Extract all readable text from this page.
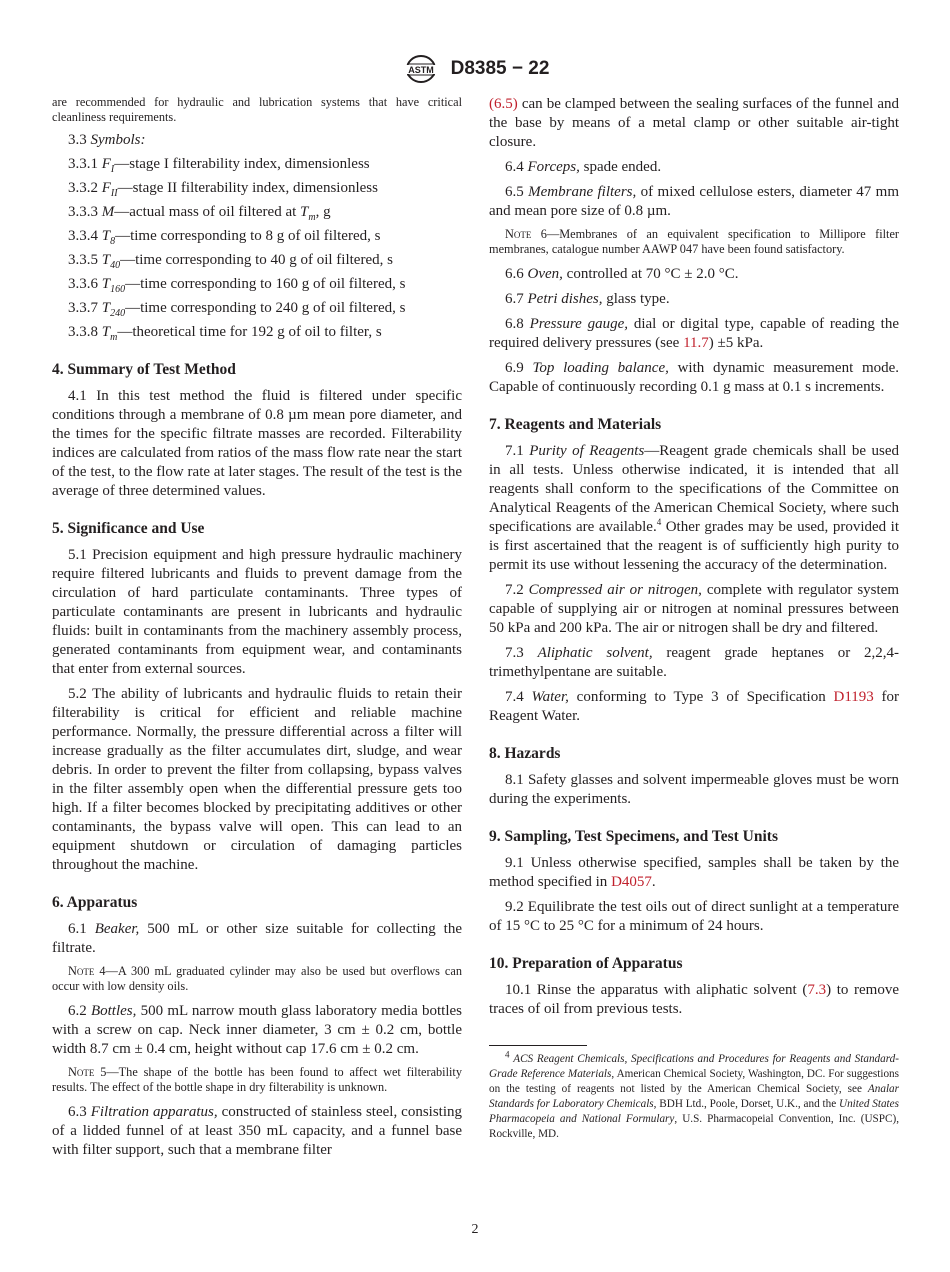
ASTM D8385 − 22

are recommended for hydraulic and lubrication systems that have critical cleanliness requirements.

3.3 Symbols:

3.3.1 $F_I—stage$ I filterability index, dimensionless

3.3.2 $F_{II}—stage$ II filterability index, dimensionless

3.3.3 M—actual mass of oil filtered at $T_m$, g

3.3.4 $T_8—time$ corresponding to 8 g of oil filtered, s

3.3.5 $T_{40}—time$ corresponding to 40 g of oil filtered, s

3.3.6 $T_{160}—time$ corresponding to 160 g of oil filtered, s

3.3.7 $T_{240}—time$ corresponding to 240 g of oil filtered, s

3.3.8 $T_m—theoretical$ time for 192 g of oil to filter, s

4. Summary of Test Method

4.1 In this test method the fluid is filtered under specific conditions through a membrane of 0.8 µm mean pore diameter, and the times for the specific filtrate masses are recorded. Filterability indices are calculated from ratios of the mass flow rate near the start of the test, to the flow rate at later stages. The result of the test is the average of three determined values.

5. Significance and Use

5.1 Precision equipment and high pressure hydraulic machinery require filtered lubricants and fluids to prevent damage from the circulation of hard particulate contaminants. Three types of particulate contaminants are present in lubricants and hydraulic fluids: built in contaminants from the machinery assembly process, generated contaminants from equipment wear, and contaminants that enter from external sources.

5.2 The ability of lubricants and hydraulic fluids to retain their filterability is critical for efficient and reliable machine performance. Normally, the pressure differential across a filter will increase gradually as the filter accumulates dirt, sludge, and wear debris. In order to prevent the filter from collapsing, bypass valves in the filter assembly open when the differential pressure gets too high. If a filter becomes blocked by precipitating additives or other contaminants, the bypass valve will open. This can lead to an equipment shutdown or circulation of damaging particles throughout the machine.

6. Apparatus

6.1 Beaker, 500 mL or other size suitable for collecting the filtrate.

Note 4—A 300 mL graduated cylinder may also be used but overflows can occur with low density oils.

6.2 Bottles, 500 mL narrow mouth glass laboratory media bottles with a screw on cap. Neck inner diameter, 3 cm ± 0.2 cm, bottle width 8.7 cm ± 0.4 cm, height without cap 17.6 cm ± 0.2 cm.

Note 5—The shape of the bottle has been found to affect wet filterability results. The effect of the bottle shape in dry filterability is unknown.

6.3 Filtration apparatus, constructed of stainless steel, consisting of a lidded funnel of at least 350 mL capacity, and a funnel base with filter support, such that a membrane filter

(6.5) can be clamped between the sealing surfaces of the funnel and the base by means of a metal clamp or other suitable air-tight closure.

6.4 Forceps, spade ended.

6.5 Membrane filters, of mixed cellulose esters, diameter 47 mm and mean pore size of 0.8 µm.

Note 6—Membranes of an equivalent specification to Millipore filter membranes, catalogue number AAWP 047 have been found satisfactory.

6.6 Oven, controlled at 70 °C ± 2.0 °C.

6.7 Petri dishes, glass type.

6.8 Pressure gauge, dial or digital type, capable of reading the required delivery pressures (see 11.7) ±5 kPa.

6.9 Top loading balance, with dynamic measurement mode. Capable of continuously recording 0.1 g mass at 0.1 s increments.

7. Reagents and Materials

7.1 Purity of Reagents—Reagent grade chemicals shall be used in all tests. Unless otherwise indicated, it is intended that all reagents shall conform to the specifications of the Committee on Analytical Reagents of the American Chemical Society, where such specifications are available.$^4$ Other grades may be used, provided it is first ascertained that the reagent is of sufficiently high purity to permit its use without lessening the accuracy of the determination.

7.2 Compressed air or nitrogen, complete with regulator system capable of supplying air or nitrogen at nominal pressures between 50 kPa and 200 kPa. The air or nitrogen shall be dry and filtered.

7.3 Aliphatic solvent, reagent grade heptanes or 2,2,4-trimethylpentane are suitable.

7.4 Water, conforming to Type 3 of Specification D1193 for Reagent Water.

8. Hazards

8.1 Safety glasses and solvent impermeable gloves must be worn during the experiments.

9. Sampling, Test Specimens, and Test Units

9.1 Unless otherwise specified, samples shall be taken by the method specified in D4057.

9.2 Equilibrate the test oils out of direct sunlight at a temperature of 15 °C to 25 °C for a minimum of 24 hours.

10. Preparation of Apparatus

10.1 Rinse the apparatus with aliphatic solvent (7.3) to remove traces of oil from previous tests.

$^4$ ACS Reagent Chemicals, Specifications and Procedures for Reagents and Standard-Grade Reference Materials, American Chemical Society, Washington, DC. For suggestions on the testing of reagents not listed by the American Chemical Society, see Analar Standards for Laboratory Chemicals, BDH Ltd., Poole, Dorset, U.K., and the United States Pharmacopeia and National Formulary, U.S. Pharmacopeial Convention, Inc. (USPC), Rockville, MD.

2
